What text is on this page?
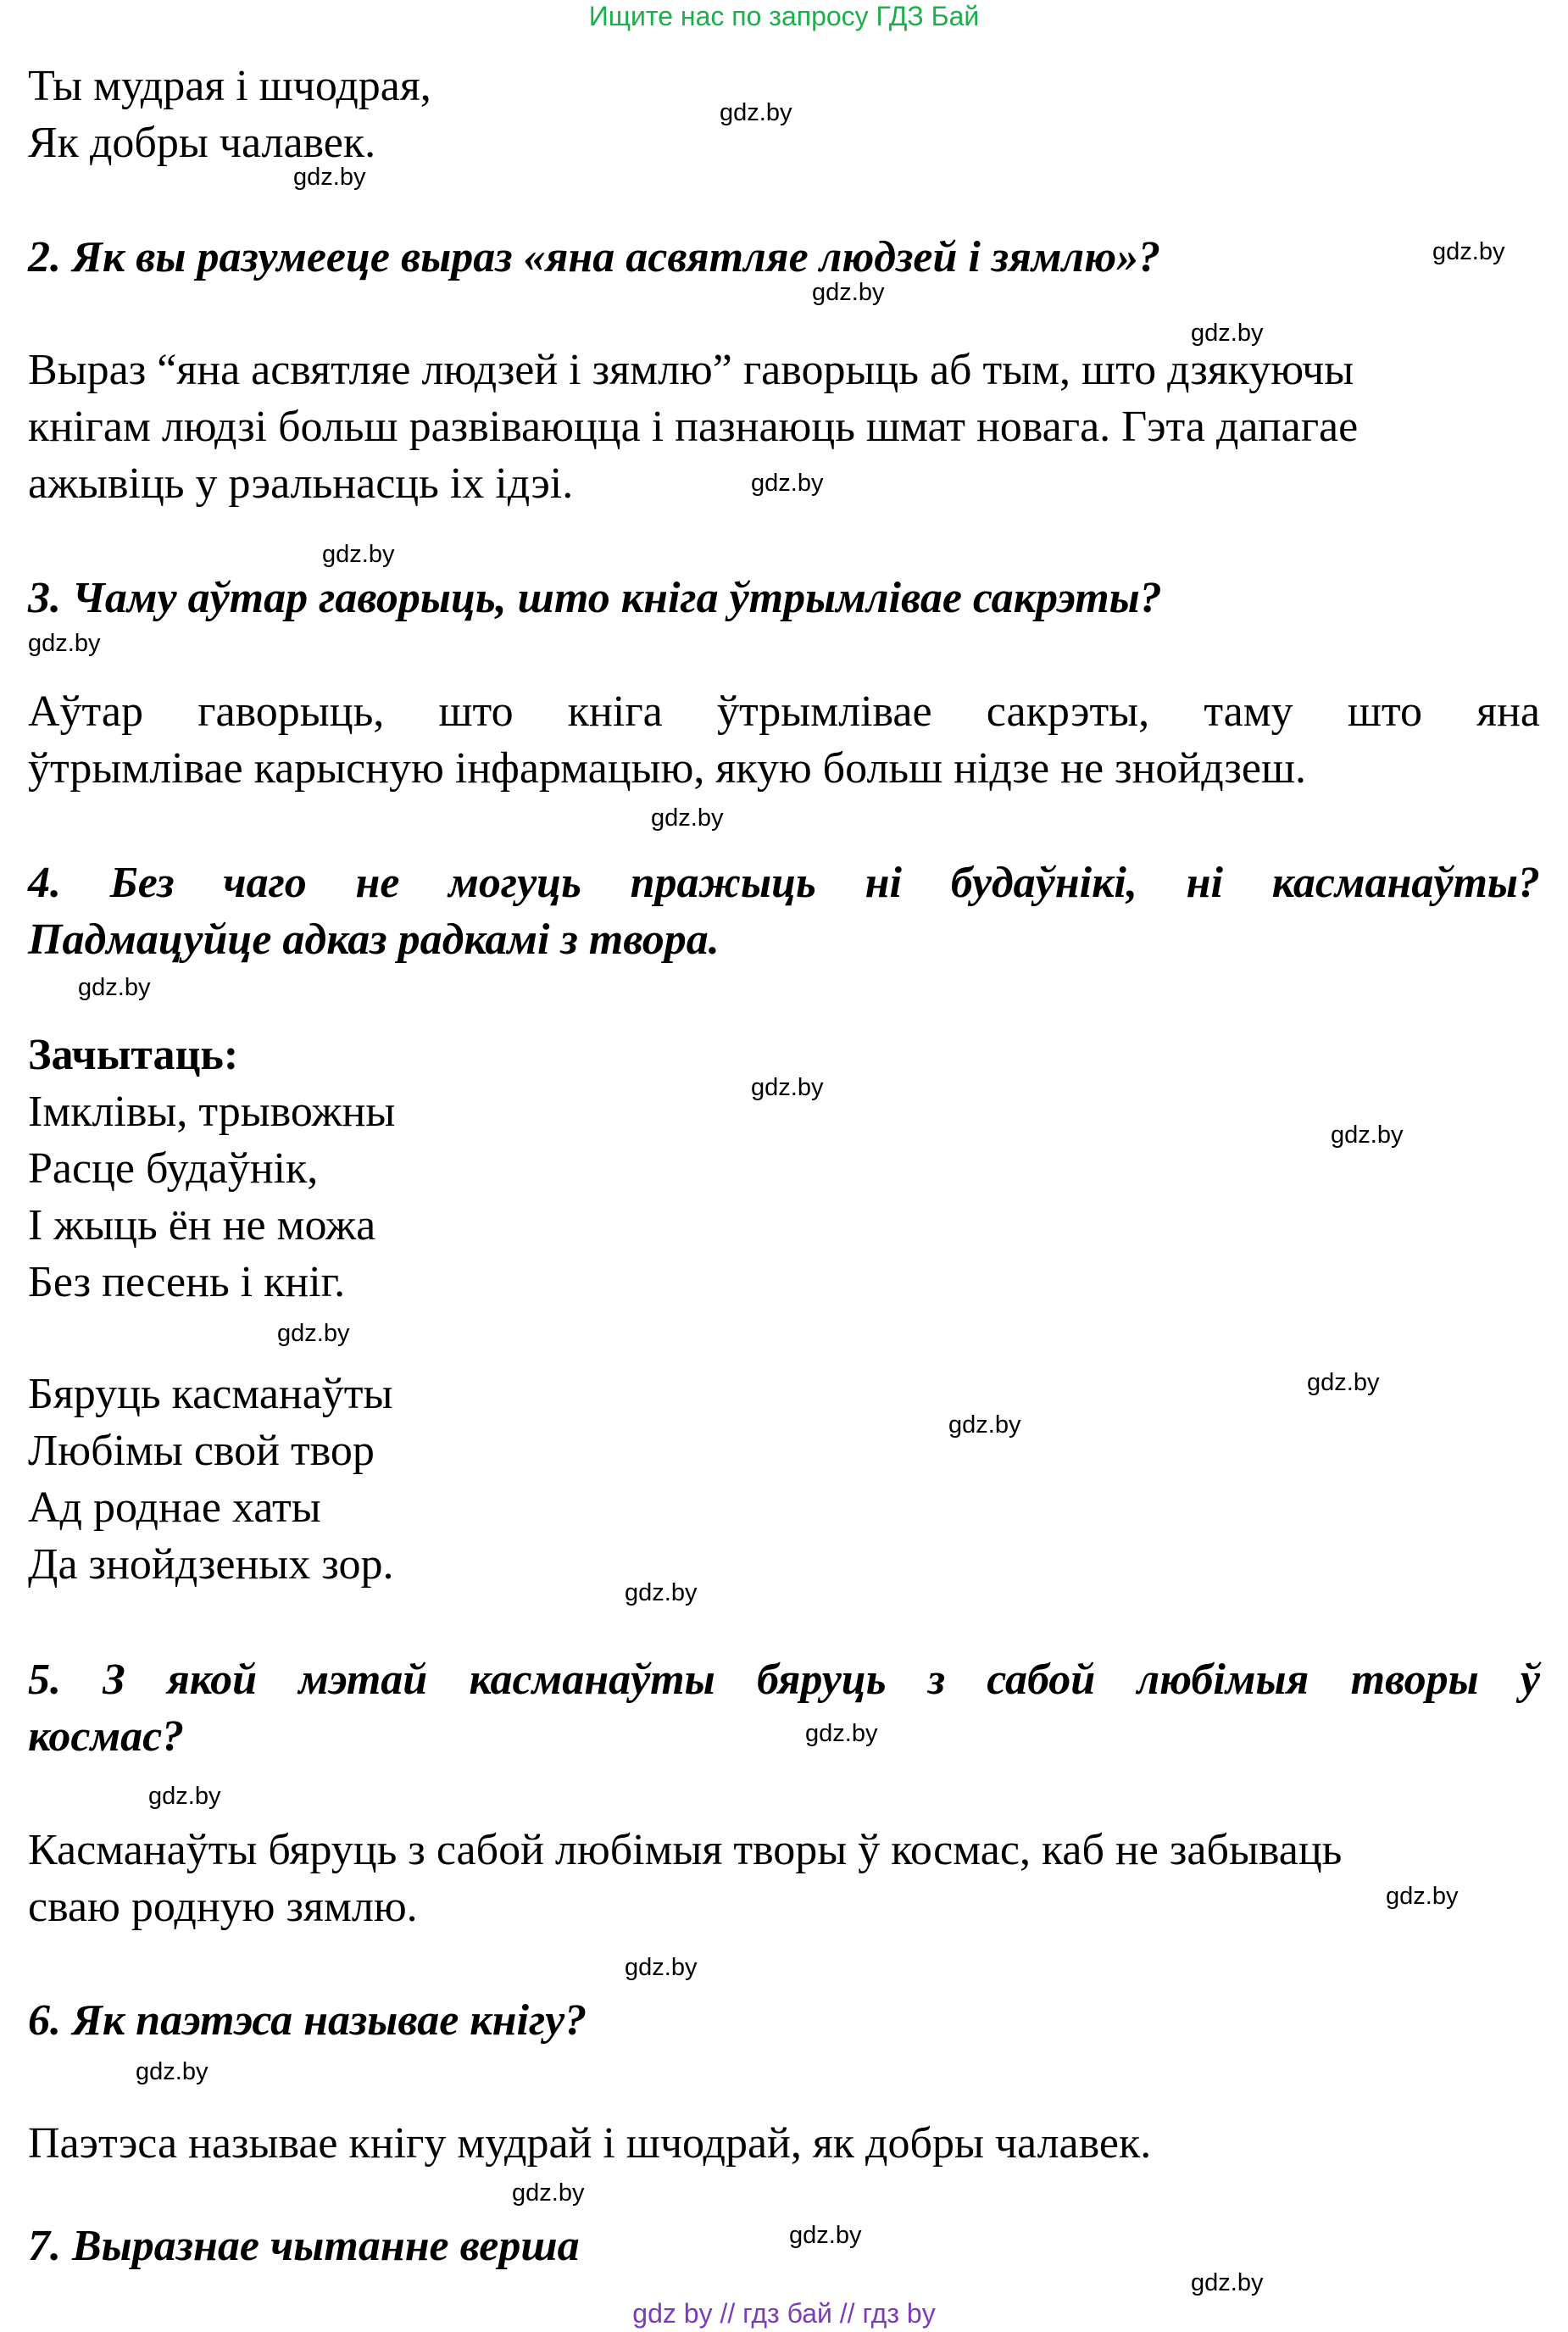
Ищите нас по запросу ГДЗ Бай
Ты мудрая і шчодрая,
Як добры чалавек.
2. Як вы разумееце выраз «яна асвятляе людзей і зямлю»?
Выраз “яна асвятляе людзей і зямлю” гаворыць аб тым, што дзякуючы
кнігам людзі больш развіваюцца і пазнаюць шмат новага. Гэта дапагае
ажывіць у рэальнасць іх ідэі.
3. Чаму аўтар гаворыць, што кніга ўтрымлівае сакрэты?
Аўтар гаворыць, што кніга ўтрымлівае сакрэты, таму што яна
ўтрымлівае карысную інфармацыю, якую больш нідзе не знойдзеш.
4. Без чаго не могуць пражыць ні будаўнікі, ні касманаўты?
Падмацуйце адказ радкамі з твора.
Зачытаць:
Імклівы, трывожны
Расце будаўнік,
І жыць ён не можа
Без песень і кніг.
Бяруць касманаўты
Любімы свой твор
Ад роднае хаты
Да знойдзеных зор.
5. З якой мэтай касманаўты бяруць з сабой любімыя творы ў
космас?
Касманаўты бяруць з сабой любімыя творы ў космас, каб не забываць
сваю родную зямлю.
6. Як паэтэса называе кнігу?
Паэтэса называе кнігу мудрай і шчодрай, як добры чалавек.
7. Выразнае чытанне верша
gdz.by
gdz.by
gdz.by
gdz.by
gdz.by
gdz.by
gdz.by
gdz.by
gdz.by
gdz.by
gdz.by
gdz.by
gdz.by
gdz.by
gdz.by
gdz.by
gdz.by
gdz.by
gdz.by
gdz.by
gdz.by
gdz.by
gdz.by
gdz.by
gdz by // гдз бай // гдз by
